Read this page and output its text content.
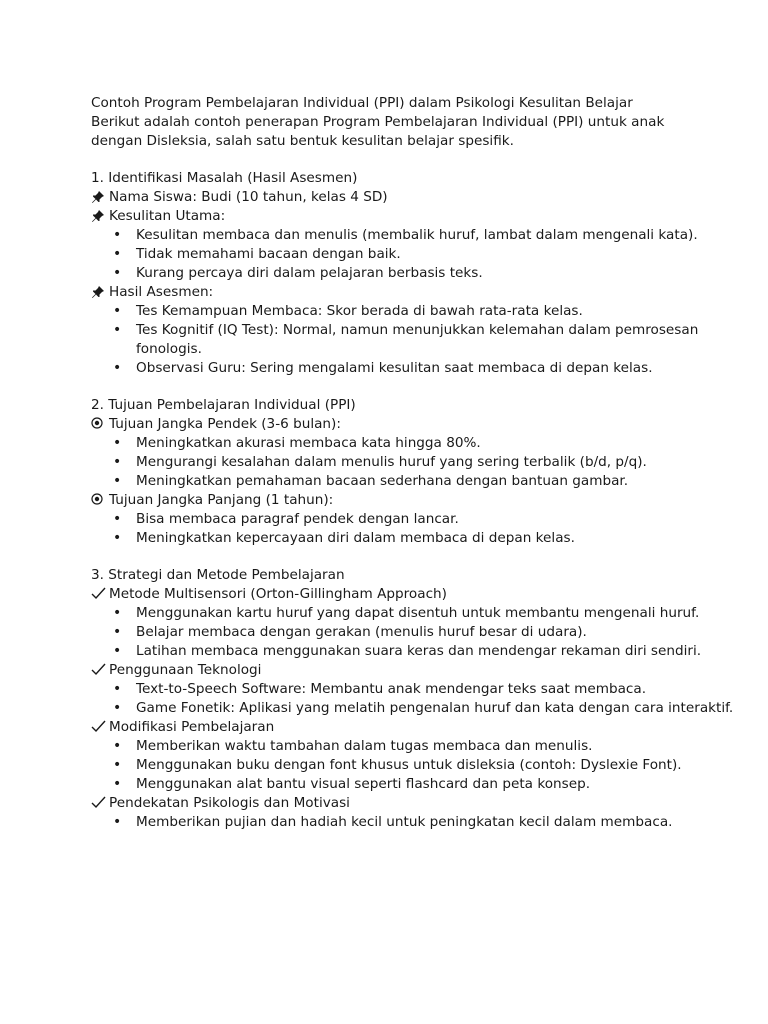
Contoh Program Pembelajaran Individual (PPI) dalam Psikologi Kesulitan Belajar
Berikut adalah contoh penerapan Program Pembelajaran Individual (PPI) untuk anak
dengan Disleksia, salah satu bentuk kesulitan belajar spesifik.
1. Identifikasi Masalah (Hasil Asesmen)
Nama Siswa: Budi (10 tahun, kelas 4 SD)
Kesulitan Utama:
• Kesulitan membaca dan menulis (membalik huruf, lambat dalam mengenali kata).
• Tidak memahami bacaan dengan baik.
• Kurang percaya diri dalam pelajaran berbasis teks.
Hasil Asesmen:
• Tes Kemampuan Membaca: Skor berada di bawah rata-rata kelas.
• Tes Kognitif (IQ Test): Normal, namun menunjukkan kelemahan dalam pemrosesan fonologis.
• Observasi Guru: Sering mengalami kesulitan saat membaca di depan kelas.
2. Tujuan Pembelajaran Individual (PPI)
Tujuan Jangka Pendek (3-6 bulan):
• Meningkatkan akurasi membaca kata hingga 80%.
• Mengurangi kesalahan dalam menulis huruf yang sering terbalik (b/d, p/q).
• Meningkatkan pemahaman bacaan sederhana dengan bantuan gambar.
Tujuan Jangka Panjang (1 tahun):
• Bisa membaca paragraf pendek dengan lancar.
• Meningkatkan kepercayaan diri dalam membaca di depan kelas.
3. Strategi dan Metode Pembelajaran
Metode Multisensori (Orton-Gillingham Approach)
• Menggunakan kartu huruf yang dapat disentuh untuk membantu mengenali huruf.
• Belajar membaca dengan gerakan (menulis huruf besar di udara).
• Latihan membaca menggunakan suara keras dan mendengar rekaman diri sendiri.
Penggunaan Teknologi
• Text-to-Speech Software: Membantu anak mendengar teks saat membaca.
• Game Fonetik: Aplikasi yang melatih pengenalan huruf dan kata dengan cara interaktif.
Modifikasi Pembelajaran
• Memberikan waktu tambahan dalam tugas membaca dan menulis.
• Menggunakan buku dengan font khusus untuk disleksia (contoh: Dyslexie Font).
• Menggunakan alat bantu visual seperti flashcard dan peta konsep.
Pendekatan Psikologis dan Motivasi
• Memberikan pujian dan hadiah kecil untuk peningkatan kecil dalam membaca.
